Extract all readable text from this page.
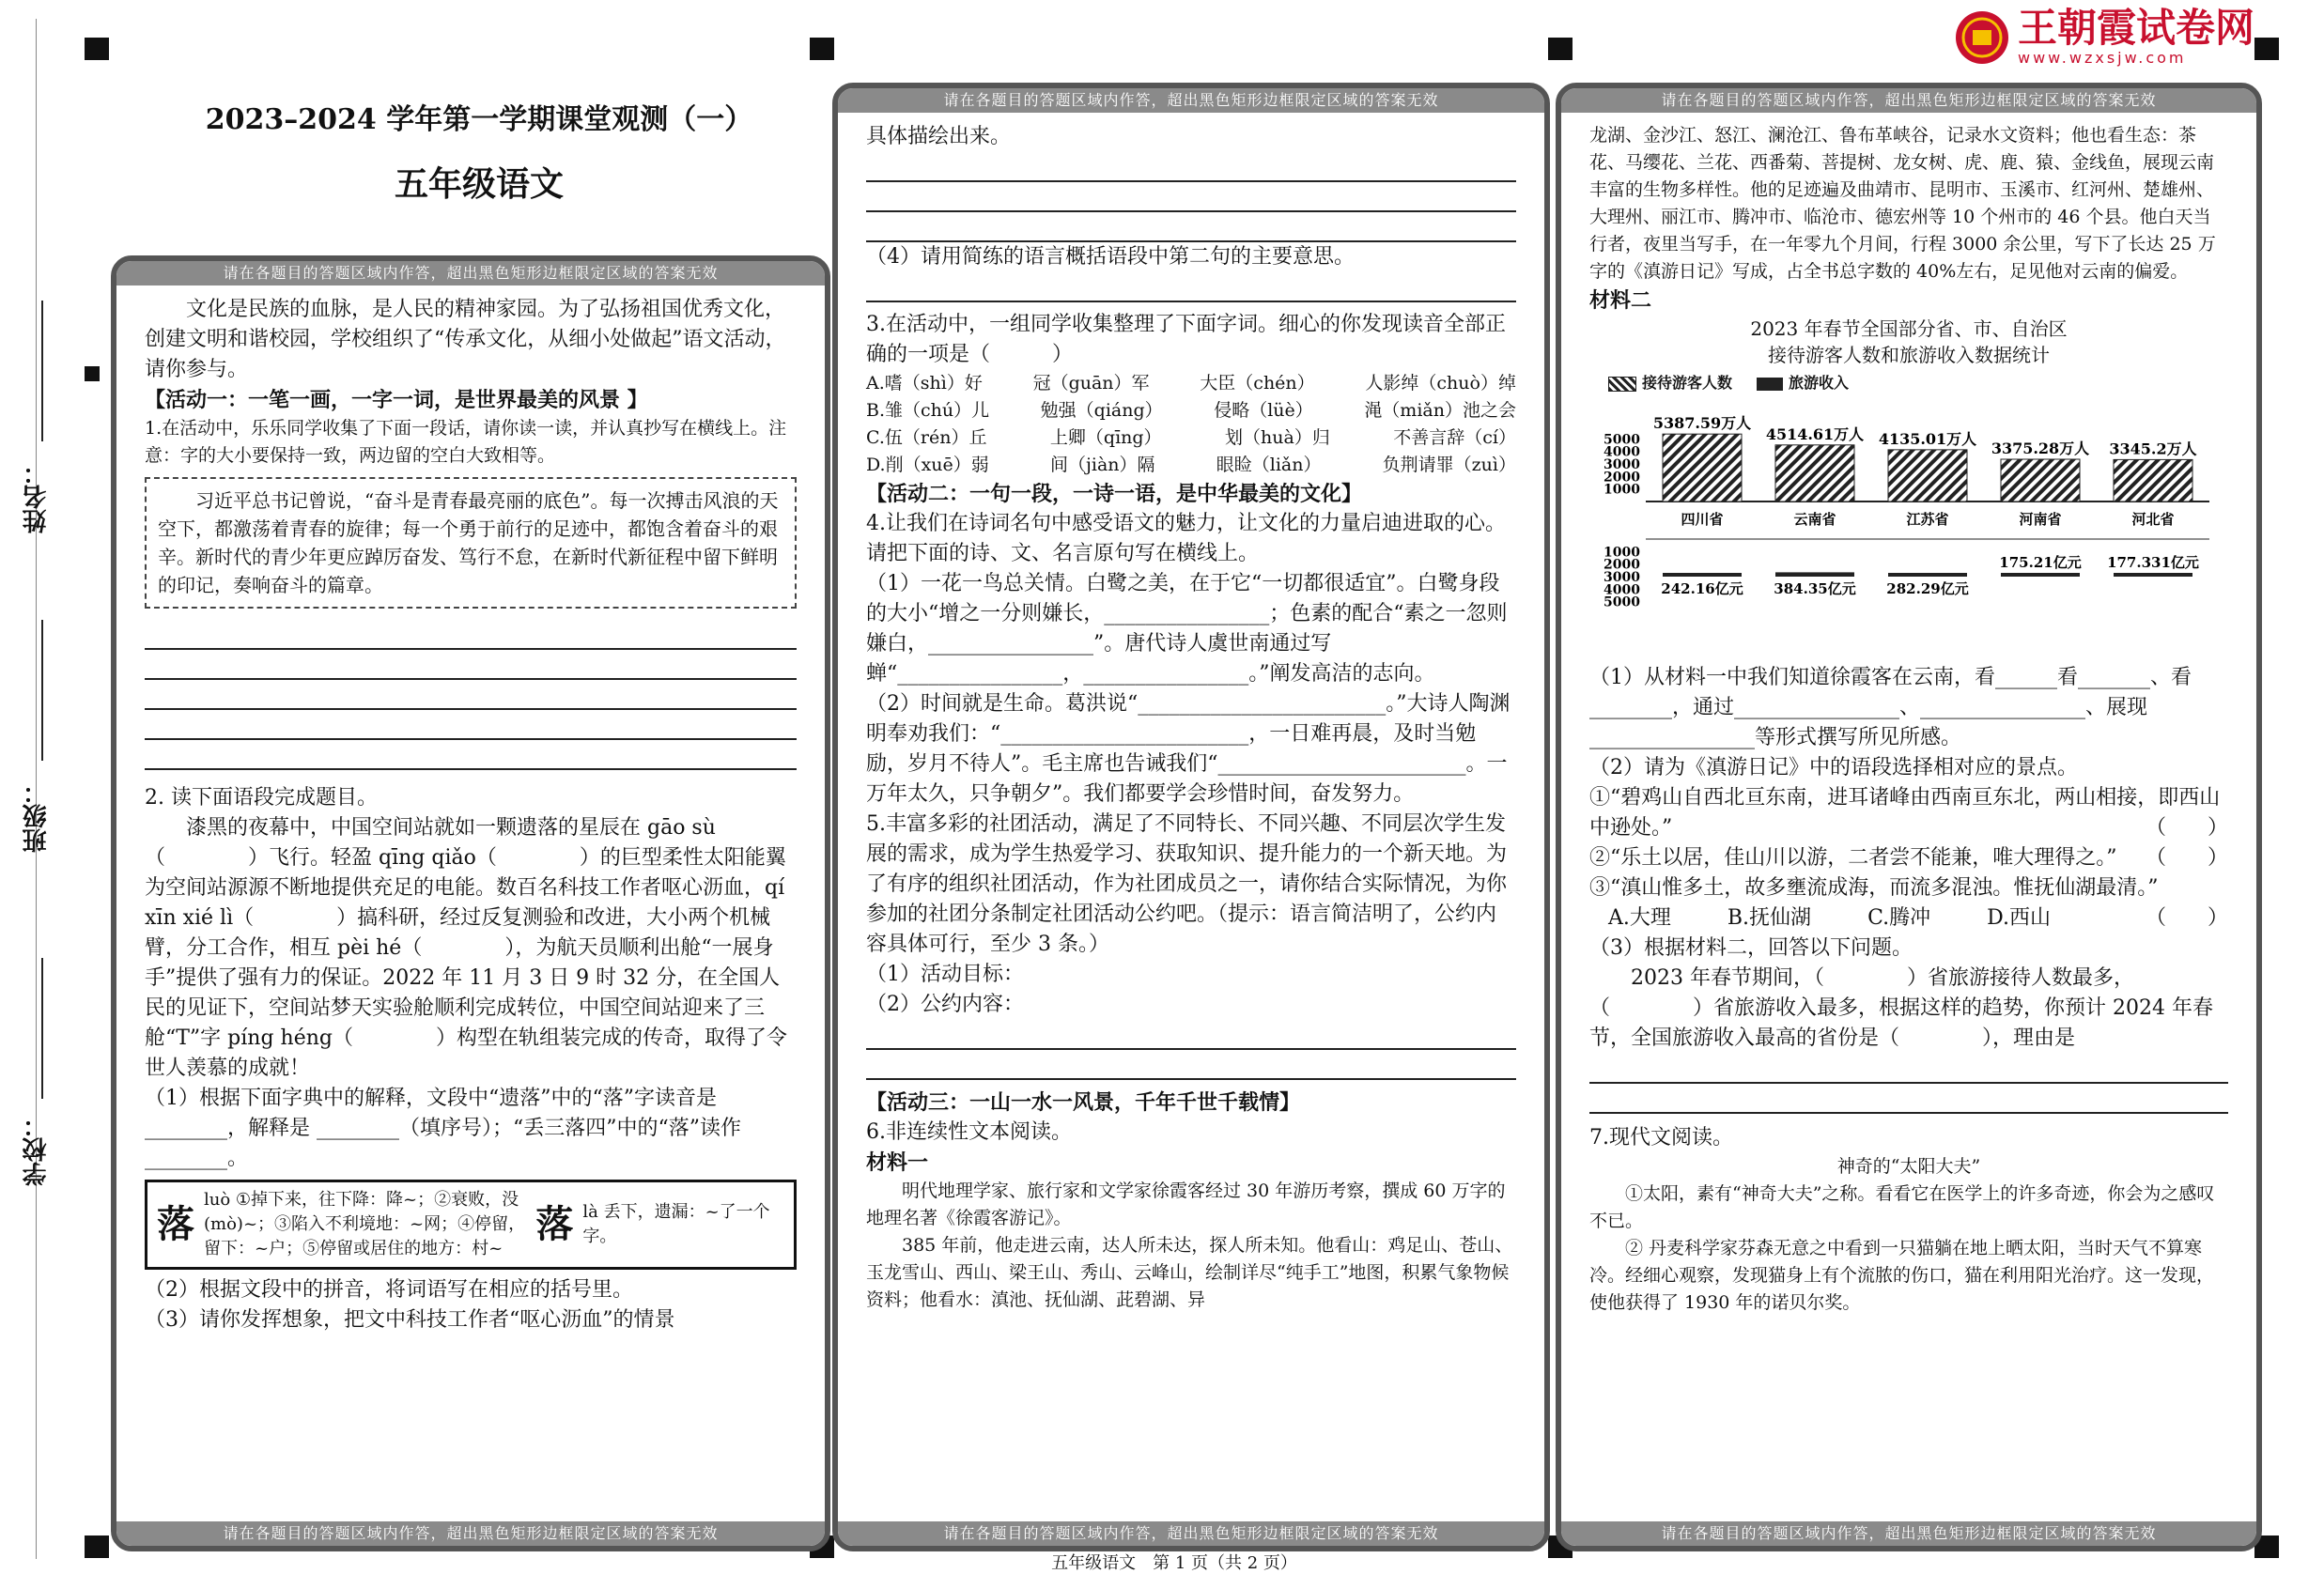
姓名：
班级：
学校：
2023–2024 学年第一学期课堂观测（一）
五年级语文
王朝霞试卷网
www.wzxsjw.com
请在各题目的答题区域内作答，超出黑色矩形边框限定区域的答案无效

文化是民族的血脉，是人民的精神家园。为了弘扬祖国优秀文化，创建文明和谐校园，学校组织了“传承文化，从细小处做起”语文活动，请你参与。

【活动一：一笔一画，一字一词，是世界最美的风景 】

1.在活动中，乐乐同学收集了下面一段话，请你读一读，并认真抄写在横线上。注意：字的大小要保持一致，两边留的空白大致相等。

习近平总书记曾说，“奋斗是青春最亮丽的底色”。每一次搏击风浪的天空下，都激荡着青春的旋律；每一个勇于前行的足迹中，都饱含着奋斗的艰辛。新时代的青少年更应踔厉奋发、笃行不怠，在新时代新征程中留下鲜明的印记，奏响奋斗的篇章。

2. 读下面语段完成题目。

漆黑的夜幕中，中国空间站就如一颗遗落的星辰在 gāo sù（　　　　）飞行。轻盈 qīng qiǎo（　　　　）的巨型柔性太阳能翼为空间站源源不断地提供充足的电能。数百名科技工作者呕心沥血，qí xīn xié lì（　　　　）搞科研，经过反复测验和改进，大小两个机械臂，分工合作，相互 pèi hé（　　　　），为航天员顺利出舱“一展身手”提供了强有力的保证。2022 年 11 月 3 日 9 时 32 分，在全国人民的见证下，空间站梦天实验舱顺利完成转位，中国空间站迎来了三舱“T”字 píng héng（　　　　）构型在轨组装完成的传奇，取得了令世人羡慕的成就！

（1）根据下面字典中的解释，文段中“遗落”中的“落”字读音是________，解释是 ________（填序号）；“丢三落四”中的“落”读作________。

落
luò ①掉下来，往下降：降~；②衰败，没(mò)~；③陷入不利境地：~网；④停留，留下：~户；⑤停留或居住的地方：村~
落 là 丢下，遗漏：~了一个字。

（2）根据文段中的拼音，将词语写在相应的括号里。

（3）请你发挥想象，把文中科技工作者“呕心沥血”的情景

请在各题目的答题区域内作答，超出黑色矩形边框限定区域的答案无效
请在各题目的答题区域内作答，超出黑色矩形边框限定区域的答案无效

具体描绘出来。

（4）请用简练的语言概括语段中第二句的主要意思。

3.在活动中，一组同学收集整理了下面字词。细心的你发现读音全部正确的一项是（　　　）

A.嗜（shì）好	冠（guān）军	大臣（chén）	人影绰（chuò）绰
B.雏（chú）儿	勉强（qiáng）	侵略（lüè）	渑（miǎn）池之会
C.伍（rén）丘	上卿（qīng）	划（huà）归	不善言辞（cí）
D.削（xuē）弱	间（jiàn）隔	眼睑（liǎn）	负荆请罪（zuì）

【活动二：一句一段，一诗一语，是中华最美的文化】

4.让我们在诗词名句中感受语文的魅力，让文化的力量启迪进取的心。请把下面的诗、文、名言原句写在横线上。

（1）一花一鸟总关情。白鹭之美，在于它“一切都很适宜”。白鹭身段的大小“增之一分则嫌长，________________；色素的配合“素之一忽则嫌白，________________”。唐代诗人虞世南通过写蝉“________________，________________。”阐发高洁的志向。

（2）时间就是生命。葛洪说“________________________。”大诗人陶渊明奉劝我们：“________________________，一日难再晨，及时当勉励，岁月不待人”。毛主席也告诫我们“________________________。一万年太久，只争朝夕”。我们都要学会珍惜时间，奋发努力。

5.丰富多彩的社团活动，满足了不同特长、不同兴趣、不同层次学生发展的需求，成为学生热爱学习、获取知识、提升能力的一个新天地。为了有序的组织社团活动，作为社团成员之一，请你结合实际情况，为你参加的社团分条制定社团活动公约吧。（提示：语言简洁明了，公约内容具体可行，至少 3 条。）

（1）活动目标：

（2）公约内容：

【活动三：一山一水一风景，千年千世千载情】

6.非连续性文本阅读。

材料一

明代地理学家、旅行家和文学家徐霞客经过 30 年游历考察，撰成 60 万字的地理名著《徐霞客游记》。

385 年前，他走进云南，达人所未达，探人所未知。他看山：鸡足山、苍山、玉龙雪山、西山、梁王山、秀山、云峰山，绘制详尽“纯手工”地图，积累气象物候资料；他看水：滇池、抚仙湖、茈碧湖、异

请在各题目的答题区域内作答，超出黑色矩形边框限定区域的答案无效
请在各题目的答题区域内作答，超出黑色矩形边框限定区域的答案无效

龙湖、金沙江、怒江、澜沧江、鲁布革峡谷，记录水文资料；他也看生态：茶花、马缨花、兰花、西番菊、菩提树、龙女树、虎、鹿、猿、金线鱼，展现云南丰富的生物多样性。他的足迹遍及曲靖市、昆明市、玉溪市、红河州、楚雄州、大理州、丽江市、腾冲市、临沧市、德宏州等 10 个州市的 46 个县。他白天当行者，夜里当写手，在一年零九个月间，行程 3000 余公里，写下了长达 25 万字的《滇游日记》写成，占全书总字数的 40%左右，足见他对云南的偏爱。

材料二

2023 年春节全国部分省、市、自治区
接待游客人数和旅游收入数据统计
接待游客人数	旅游收入
5000
4000
3000
2000
1000
1000
2000
3000
4000
5000
5387.59万人
四川省
242.16亿元
4514.61万人
云南省
384.35亿元
4135.01万人
江苏省
282.29亿元
3375.28万人
河南省
175.21亿元
3345.2万人
河北省
177.331亿元

（1）从材料一中我们知道徐霞客在云南，看______看_______、看________，通过________________、________________、展现________________等形式撰写所见所感。

（2）请为《滇游日记》中的语段选择相对应的景点。

①“碧鸡山自西北亘东南，进耳诸峰由西南亘东北，两山相接，即西山中逊处。”	（　　）

②“乐土以居，佳山川以游，二者尝不能兼，唯大理得之。” （　　）

③“滇山惟多土，故多壅流成海，而流多混浊。惟抚仙湖最清。”
（　　）

A.大理	B.抚仙湖	C.腾冲	D.西山

（3）根据材料二，回答以下问题。

2023 年春节期间，（　　　　）省旅游接待人数最多，（　　　　）省旅游收入最多，根据这样的趋势，你预计 2024 年春节，全国旅游收入最高的省份是（　　　　），理由是

7.现代文阅读。

神奇的“太阳大夫”

①太阳，素有“神奇大夫”之称。看看它在医学上的许多奇迹，你会为之感叹不已。

② 丹麦科学家芬森无意之中看到一只猫躺在地上晒太阳，当时天气不算寒冷。经细心观察，发现猫身上有个流脓的伤口，猫在利用阳光治疗。这一发现，使他获得了 1930 年的诺贝尔奖。

请在各题目的答题区域内作答，超出黑色矩形边框限定区域的答案无效
五年级语文　第 1 页（共 2 页）
